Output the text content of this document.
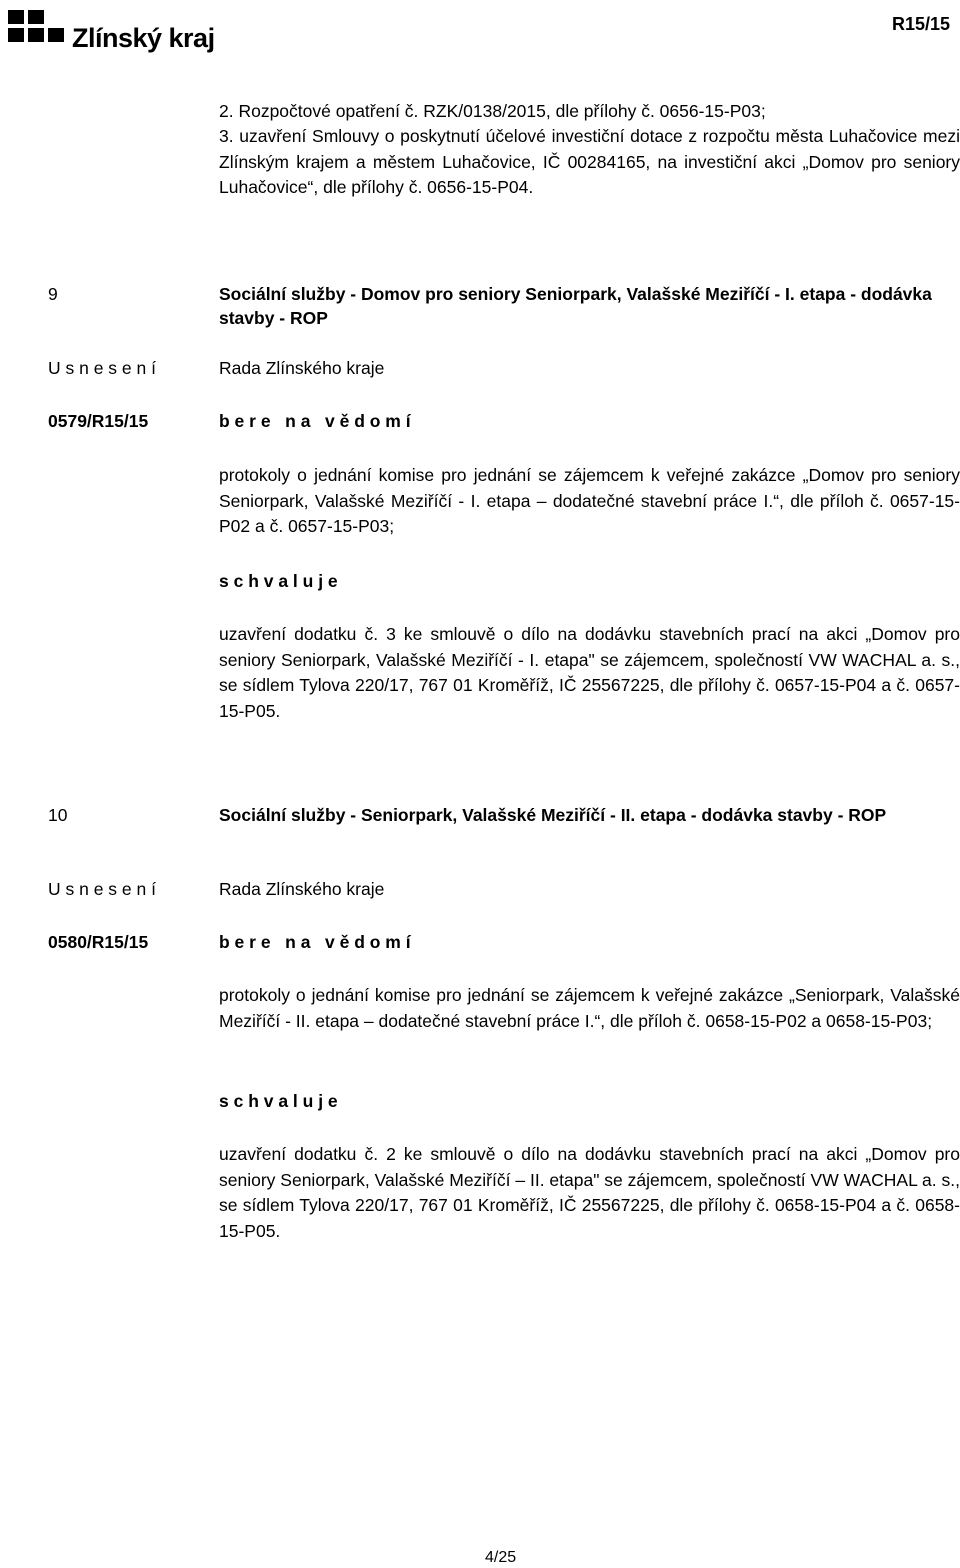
Zlínský kraj	R15/15

2. Rozpočtové opatření č. RZK/0138/2015, dle přílohy č. 0656-15-P03;

3. uzavření Smlouvy o poskytnutí účelové investiční dotace z rozpočtu města Luhačovice mezi Zlínským krajem a městem Luhačovice, IČ 00284165, na investiční akci „Domov pro seniory Luhačovice“, dle přílohy č. 0656-15-P04.

9	Sociální služby - Domov pro seniory Seniorpark, Valašské Meziříčí - I. etapa - dodávka stavby - ROP

U s n e s e n í	Rada Zlínského kraje
0579/R15/15	b e r e   n a   v ě d o m í

protokoly o jednání komise pro jednání se zájemcem k veřejné zakázce „Domov pro seniory Seniorpark, Valašské Meziříčí - I. etapa – dodatečné stavební práce I.“, dle příloh č. 0657-15-P02 a č. 0657-15-P03;

s c h v a l u j e

uzavření dodatku č. 3 ke smlouvě o dílo na dodávku stavebních prací na akci „Domov pro seniory Seniorpark, Valašské Meziříčí - I. etapa" se zájemcem, společností VW WACHAL a. s., se sídlem Tylova 220/17, 767 01 Kroměříž, IČ 25567225, dle přílohy č. 0657-15-P04 a č. 0657-15-P05.

10	Sociální služby - Seniorpark, Valašské Meziříčí - II. etapa - dodávka stavby - ROP

U s n e s e n í	Rada Zlínského kraje
0580/R15/15	b e r e   n a   v ě d o m í

protokoly o jednání komise pro jednání se zájemcem k veřejné zakázce „Seniorpark, Valašské Meziříčí - II. etapa – dodatečné stavební práce I.“, dle příloh č. 0658-15-P02 a 0658-15-P03;

s c h v a l u j e

uzavření dodatku č. 2 ke smlouvě o dílo na dodávku stavebních prací na akci „Domov pro seniory Seniorpark, Valašské Meziříčí – II. etapa" se zájemcem, společností VW WACHAL a. s., se sídlem Tylova 220/17, 767 01 Kroměříž, IČ 25567225, dle přílohy č. 0658-15-P04 a č. 0658-15-P05.

4/25
